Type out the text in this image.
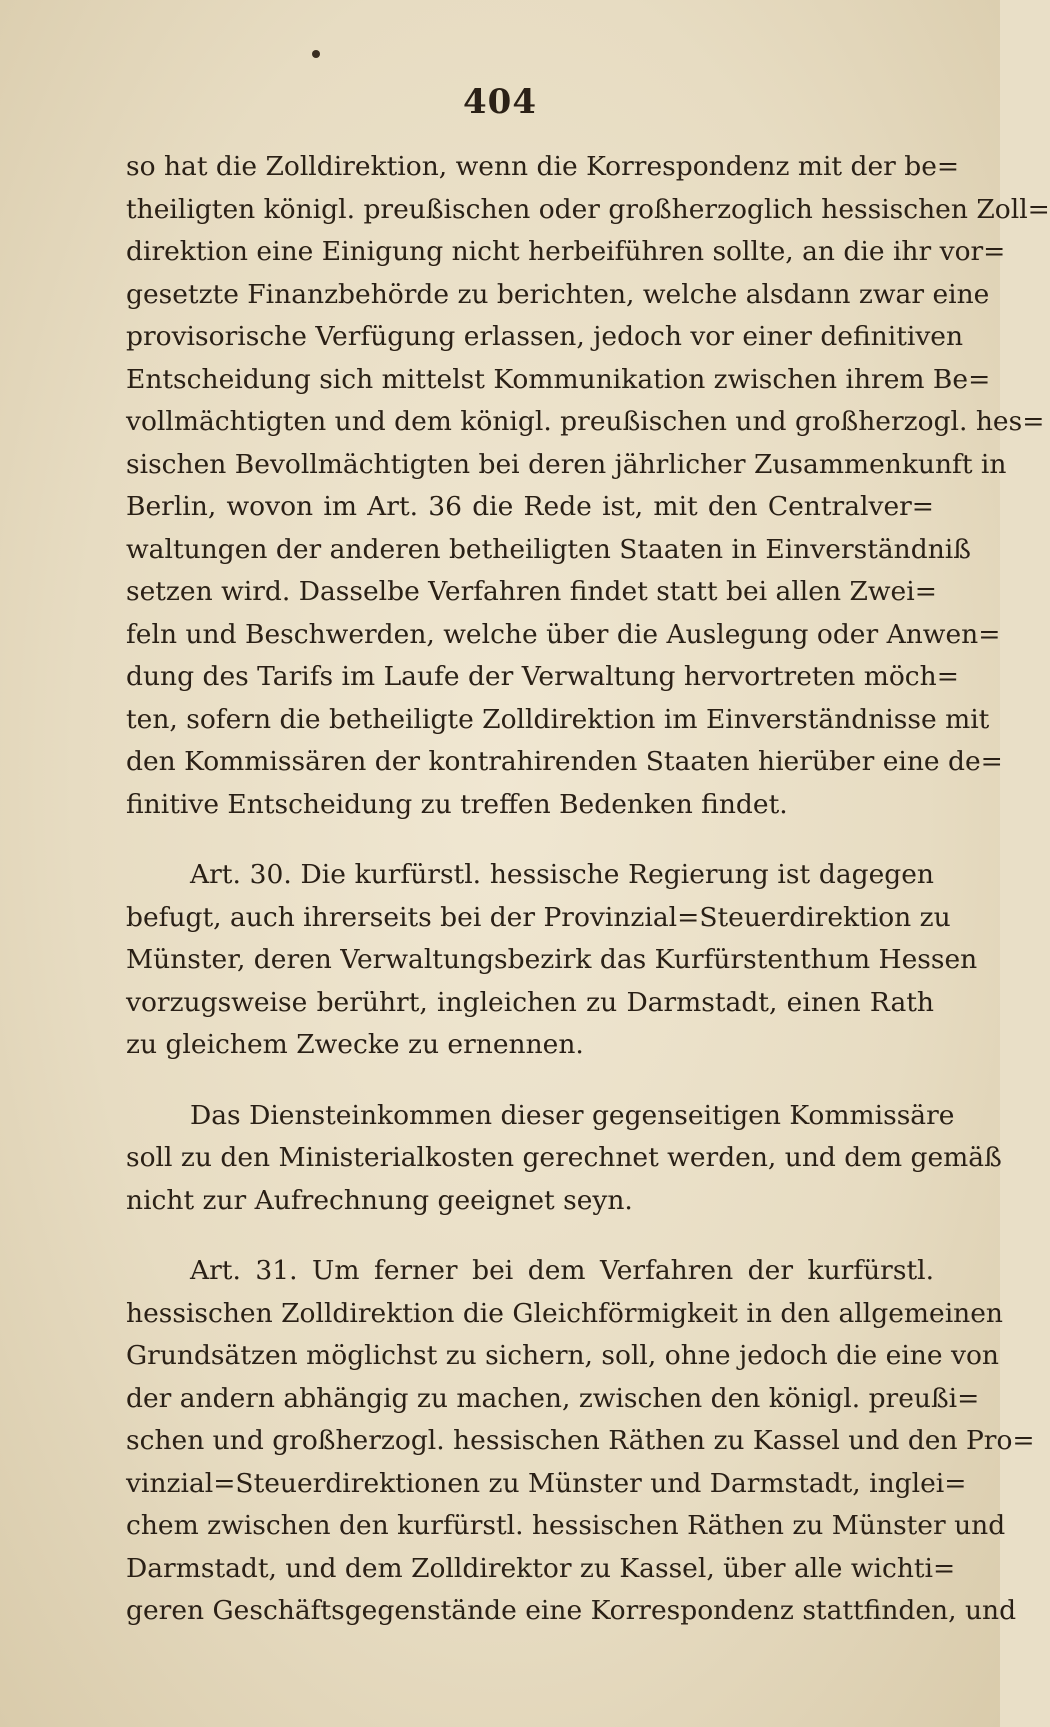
404
so hat die Zolldirektion, wenn die Korrespondenz mit der be=
theiligten königl. preußischen oder großherzoglich hessischen Zoll=
direktion eine Einigung nicht herbeiführen sollte, an die ihr vor=
gesetzte Finanzbehörde zu berichten, welche alsdann zwar eine
provisorische Verfügung erlassen, jedoch vor einer definitiven
Entscheidung sich mittelst Kommunikation zwischen ihrem Be=
vollmächtigten und dem königl. preußischen und großherzogl. hes=
sischen Bevollmächtigten bei deren jährlicher Zusammenkunft in
Berlin, wovon im Art. 36 die Rede ist, mit den Centralver=
waltungen der anderen betheiligten Staaten in Einverständniß
setzen wird. Dasselbe Verfahren findet statt bei allen Zwei=
feln und Beschwerden, welche über die Auslegung oder Anwen=
dung des Tarifs im Laufe der Verwaltung hervortreten möch=
ten, sofern die betheiligte Zolldirektion im Einverständnisse mit
den Kommissären der kontrahirenden Staaten hierüber eine de=
finitive Entscheidung zu treffen Bedenken findet.
Art. 30. Die kurfürstl. hessische Regierung ist dagegen
befugt, auch ihrerseits bei der Provinzial=Steuerdirektion zu
Münster, deren Verwaltungsbezirk das Kurfürstenthum Hessen
vorzugsweise berührt, ingleichen zu Darmstadt, einen Rath
zu gleichem Zwecke zu ernennen.
Das Diensteinkommen dieser gegenseitigen Kommissäre
soll zu den Ministerialkosten gerechnet werden, und dem gemäß
nicht zur Aufrechnung geeignet seyn.
Art. 31. Um ferner bei dem Verfahren der kurfürstl.
hessischen Zolldirektion die Gleichförmigkeit in den allgemeinen
Grundsätzen möglichst zu sichern, soll, ohne jedoch die eine von
der andern abhängig zu machen, zwischen den königl. preußi=
schen und großherzogl. hessischen Räthen zu Kassel und den Pro=
vinzial=Steuerdirektionen zu Münster und Darmstadt, inglei=
chem zwischen den kurfürstl. hessischen Räthen zu Münster und
Darmstadt, und dem Zolldirektor zu Kassel, über alle wichti=
geren Geschäftsgegenstände eine Korrespondenz stattfinden, und
